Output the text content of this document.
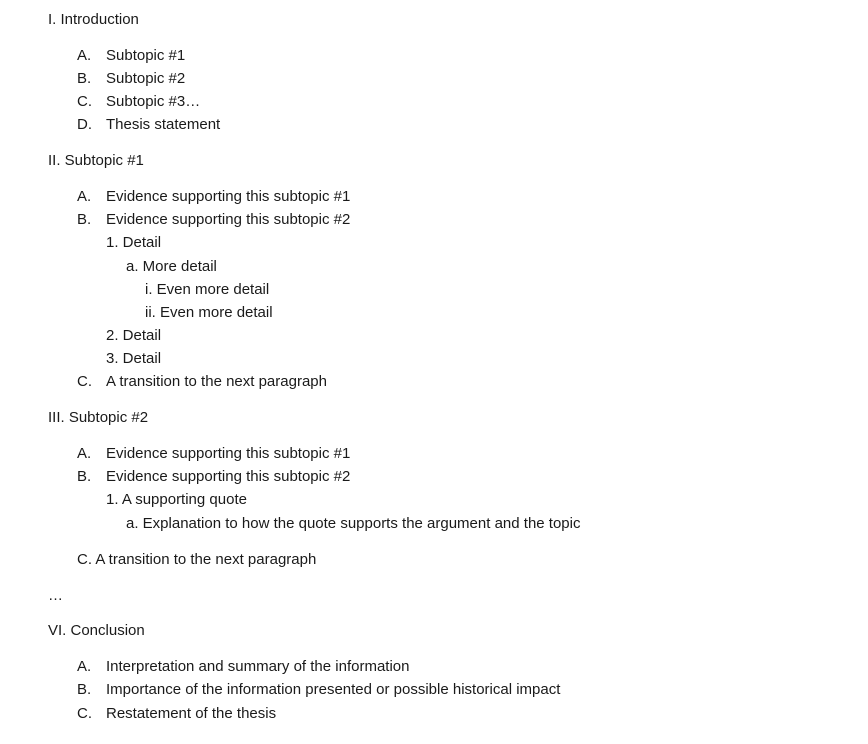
I. Introduction
A. Subtopic #1
B. Subtopic #2
C. Subtopic #3…
D. Thesis statement
II. Subtopic #1
A. Evidence supporting this subtopic #1
B. Evidence supporting this subtopic #2
1. Detail
a. More detail
i. Even more detail
ii. Even more detail
2. Detail
3. Detail
C. A transition to the next paragraph
III. Subtopic #2
A. Evidence supporting this subtopic #1
B. Evidence supporting this subtopic #2
1. A supporting quote
a. Explanation to how the quote supports the argument and the topic
C. A transition to the next paragraph
…
VI. Conclusion
A. Interpretation and summary of the information
B. Importance of the information presented or possible historical impact
C. Restatement of the thesis
